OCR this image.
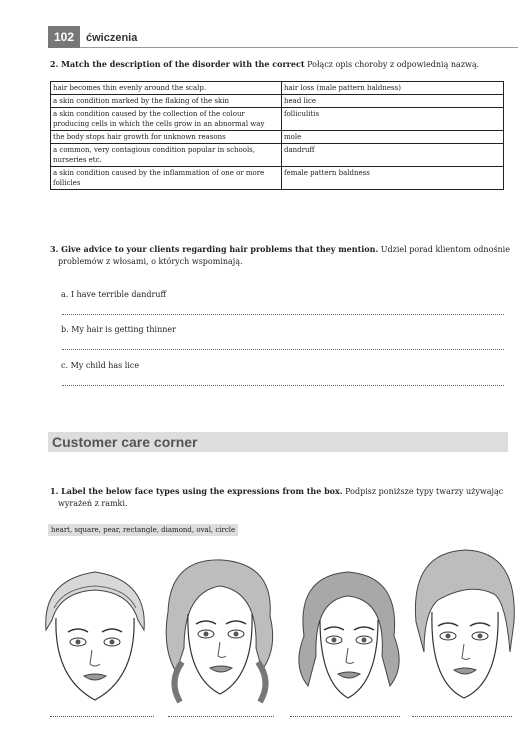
102	ćwiczenia
2. Match the description of the disorder with the correct Połącz opis choroby z odpowiednią nazwą.
hair becomes thin evenly around the scalp.	hair loss (male pattern baldness)
a skin condition marked by the flaking of the skin	head lice
a skin condition caused by the collection of the colour producing cells in which the cells grow in an abnormal way	folliculitis
the body stops hair growth for unknown reasons	mole
a common, very contagious condition popular in schools, nurseries etc.	dandruff
a skin condition caused by the inflammation of one or more follicles	female pattern baldness
3. Give advice to your clients regarding hair problems that they mention. Udziel porad klientom odnośnie
problemów z włosami, o których wspominają.
a. I have terrible dandruff
b. My hair is getting thinner
c. My child has lice
Customer care corner
1. Label the below face types using the expressions from the box. Podpisz poniższe typy twarzy używając
wyrażeń z ramki.
heart, square, pear, rectangle, diamond, oval, circle
